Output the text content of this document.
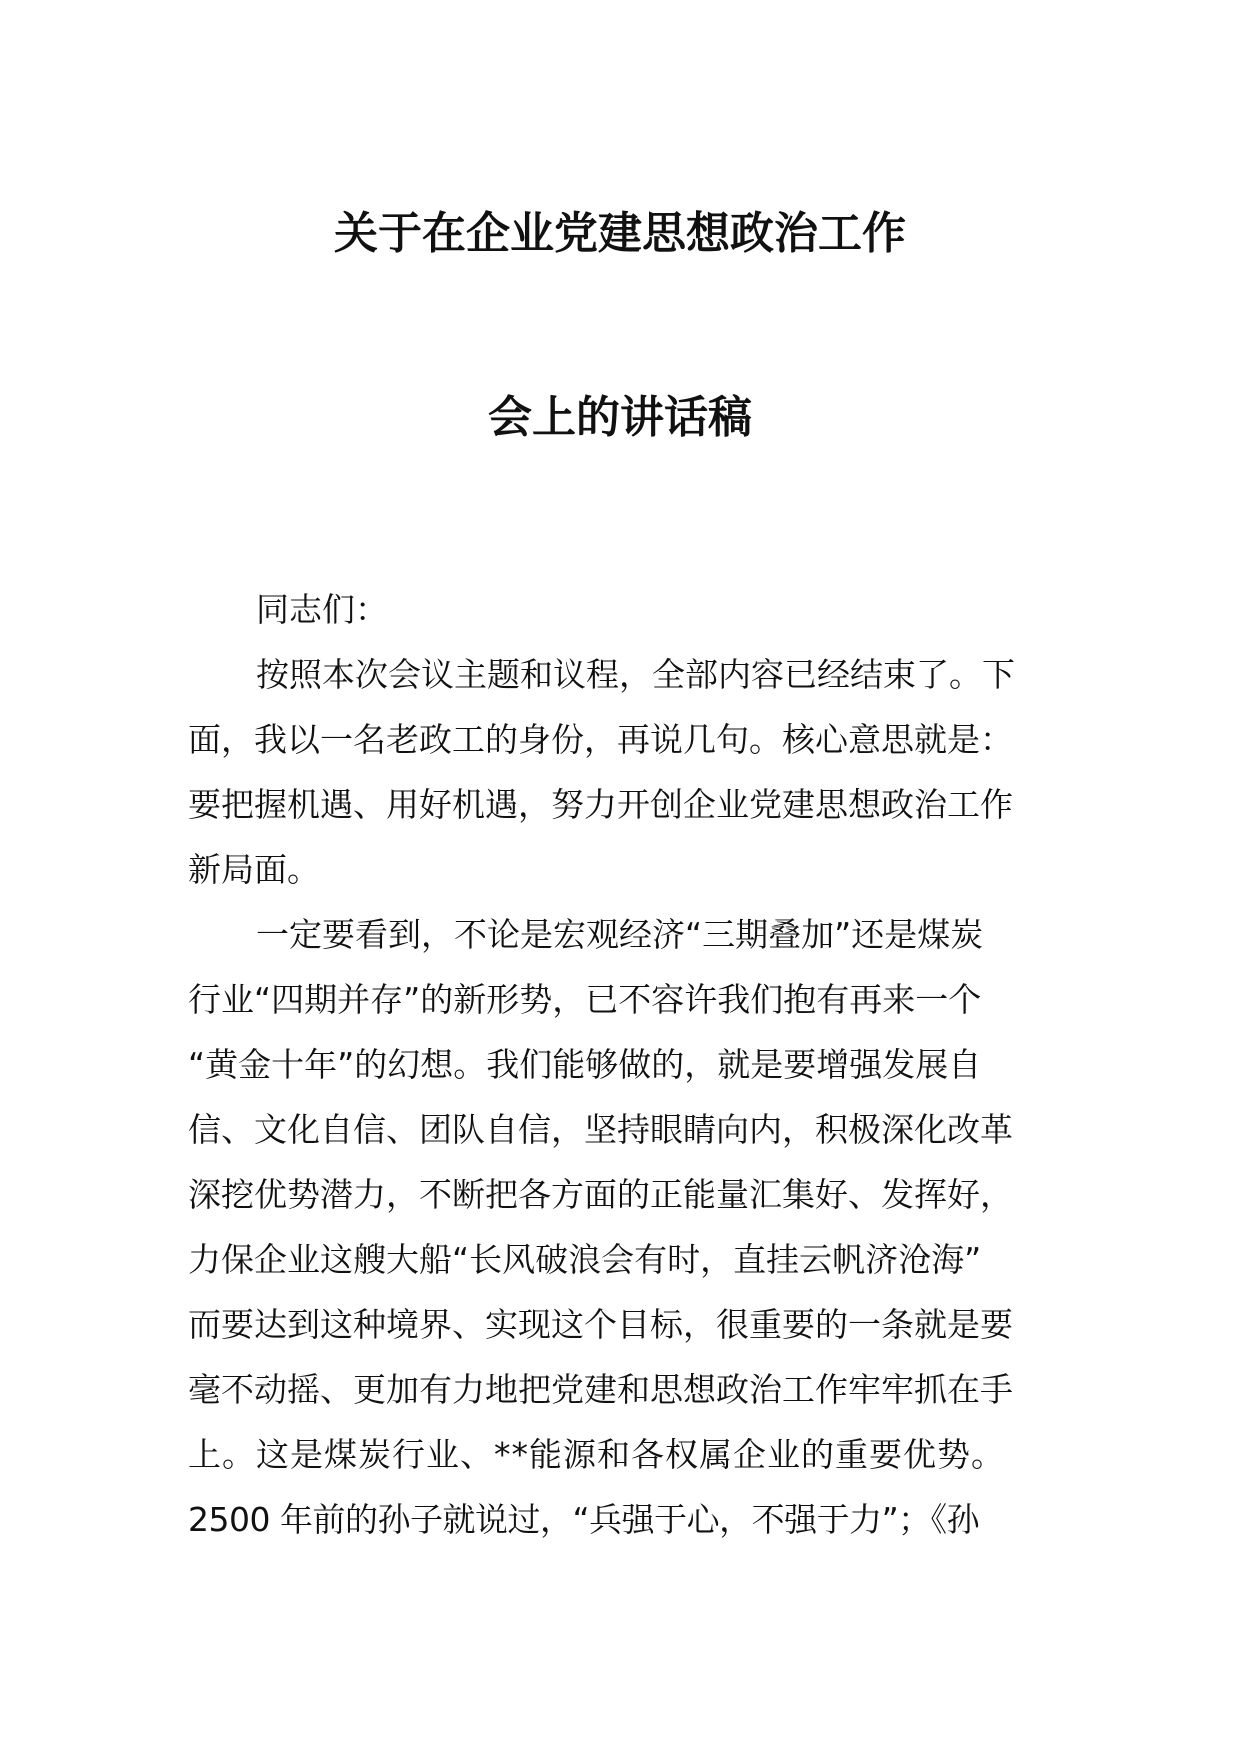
关于在企业党建思想政治工作
会上的讲话稿
同志们：
按照本次会议主题和议程，全部内容已经结束了。下
面，我以一名老政工的身份，再说几句。核心意思就是：
要把握机遇、用好机遇，努力开创企业党建思想政治工作
新局面。
一定要看到，不论是宏观经济“三期叠加”还是煤炭
行业“四期并存”的新形势，已不容许我们抱有再来一个
“黄金十年”的幻想。我们能够做的，就是要增强发展自
信、文化自信、团队自信，坚持眼睛向内，积极深化改革
深挖优势潜力，不断把各方面的正能量汇集好、发挥好，
力保企业这艘大船“长风破浪会有时，直挂云帆济沧海”
而要达到这种境界、实现这个目标，很重要的一条就是要
毫不动摇、更加有力地把党建和思想政治工作牢牢抓在手
上。这是煤炭行业、**能源和各权属企业的重要优势。
2500 年前的孙子就说过，“兵强于心，不强于力”；《孙
